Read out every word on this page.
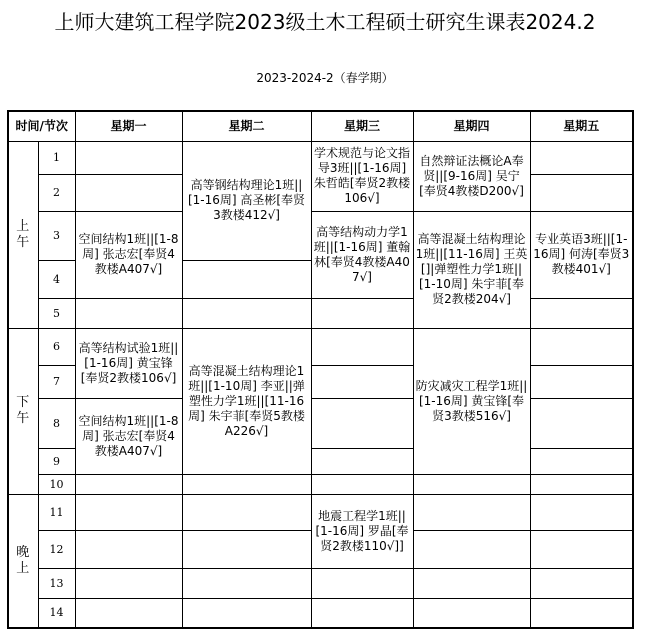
上师大建筑工程学院2023级土木工程硕士研究生课表2024.2
2023-2024-2（春学期）
时间/节次		星期一	星期二	星期三	星期四	星期五

上午	1		高等钢结构理论1班||[1-16周] 高圣彬[奉贤3教楼412√]	学术规范与论文指导3班||[1-16周] 朱哲皓[奉贤2教楼106√]	自然辩证法概论A奉贤||[9-16周] 吴宁[奉贤4教楼D200√]	

	2					
	3	空间结构1班||[1-8周] 张志宏[奉贤4教楼A407√]		高等结构动力学1班||[1-16周] 董翰林[奉贤4教楼A407√]	高等混凝土结构理论1班||[11-16周] 王英[]|弹塑性力学1班||[1-10周] 朱宇菲[奉贤2教楼204√]	专业英语3班||[1-16周] 何涛[奉贤3教楼401√]

	4					
	5					

下午	6	高等结构试验1班||[1-16周] 黄宝锋[奉贤2教楼106√]	高等混凝土结构理论1班||[1-10周] 李亚||弹塑性力学1班||[11-16周] 朱宇菲[奉贤5教楼A226√]		防灾减灾工程学1班||[1-16周] 黄宝锋[奉贤3教楼516√]	

	7					
	8	空间结构1班||[1-8周] 张志宏[奉贤4教楼A407√]				

	9					
	10					

晚上	11			地震工程学1班||[1-16周] 罗晶[奉贤2教楼110√]]		

	12					
	13					
	14					
